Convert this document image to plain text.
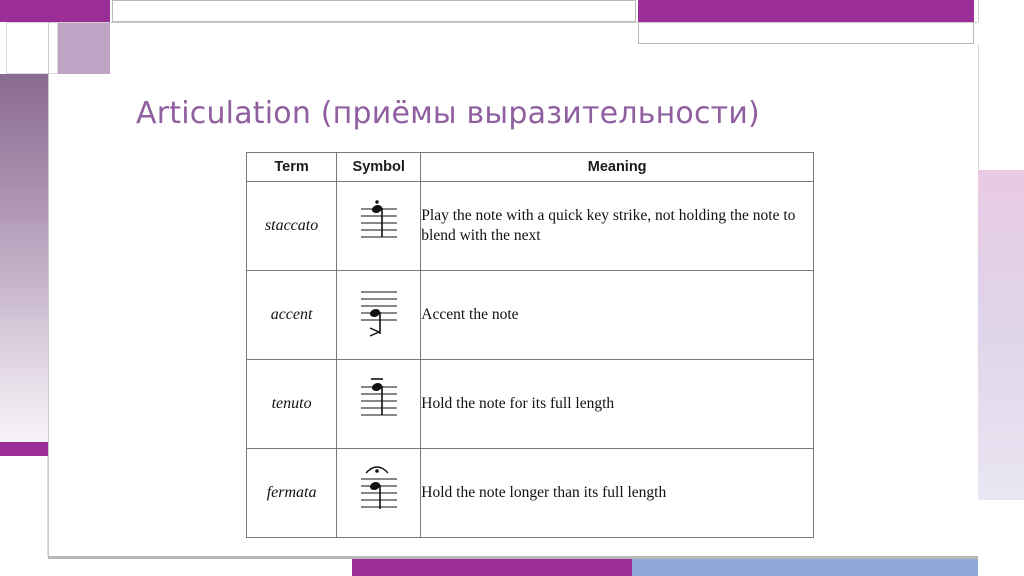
Articulation (приёмы выразительности)
Term	Symbol	Meaning
staccato		Play the note with a quick key strike, not holding the note to blend with the next
accent		Accent the note
tenuto		Hold the note for its full length
fermata		Hold the note longer than its full length
